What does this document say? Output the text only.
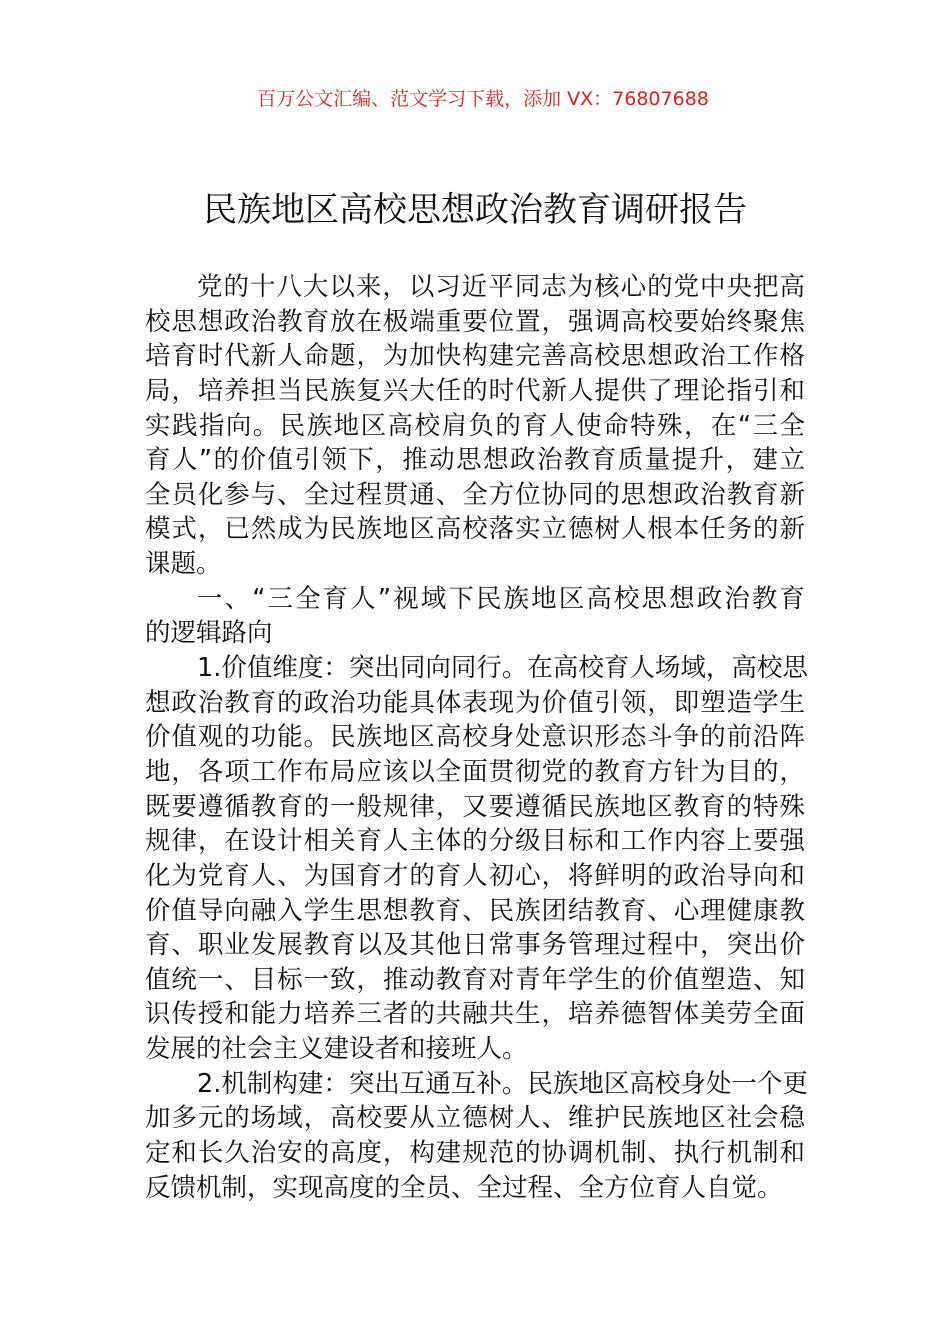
百万公文汇编、范文学习下载，添加 VX：76807688
民族地区高校思想政治教育调研报告
党的十八大以来，以习近平同志为核心的党中央把高
校思想政治教育放在极端重要位置，强调高校要始终聚焦
培育时代新人命题，为加快构建完善高校思想政治工作格
局，培养担当民族复兴大任的时代新人提供了理论指引和
实践指向。民族地区高校肩负的育人使命特殊，在“三全
育人”的价值引领下，推动思想政治教育质量提升，建立
全员化参与、全过程贯通、全方位协同的思想政治教育新
模式，已然成为民族地区高校落实立德树人根本任务的新
课题。
一、“三全育人”视域下民族地区高校思想政治教育
的逻辑路向
1.价值维度：突出同向同行。在高校育人场域，高校思
想政治教育的政治功能具体表现为价值引领，即塑造学生
价值观的功能。民族地区高校身处意识形态斗争的前沿阵
地，各项工作布局应该以全面贯彻党的教育方针为目的，
既要遵循教育的一般规律，又要遵循民族地区教育的特殊
规律，在设计相关育人主体的分级目标和工作内容上要强
化为党育人、为国育才的育人初心，将鲜明的政治导向和
价值导向融入学生思想教育、民族团结教育、心理健康教
育、职业发展教育以及其他日常事务管理过程中，突出价
值统一、目标一致，推动教育对青年学生的价值塑造、知
识传授和能力培养三者的共融共生，培养德智体美劳全面
发展的社会主义建设者和接班人。
2.机制构建：突出互通互补。民族地区高校身处一个更
加多元的场域，高校要从立德树人、维护民族地区社会稳
定和长久治安的高度，构建规范的协调机制、执行机制和
反馈机制，实现高度的全员、全过程、全方位育人自觉。
